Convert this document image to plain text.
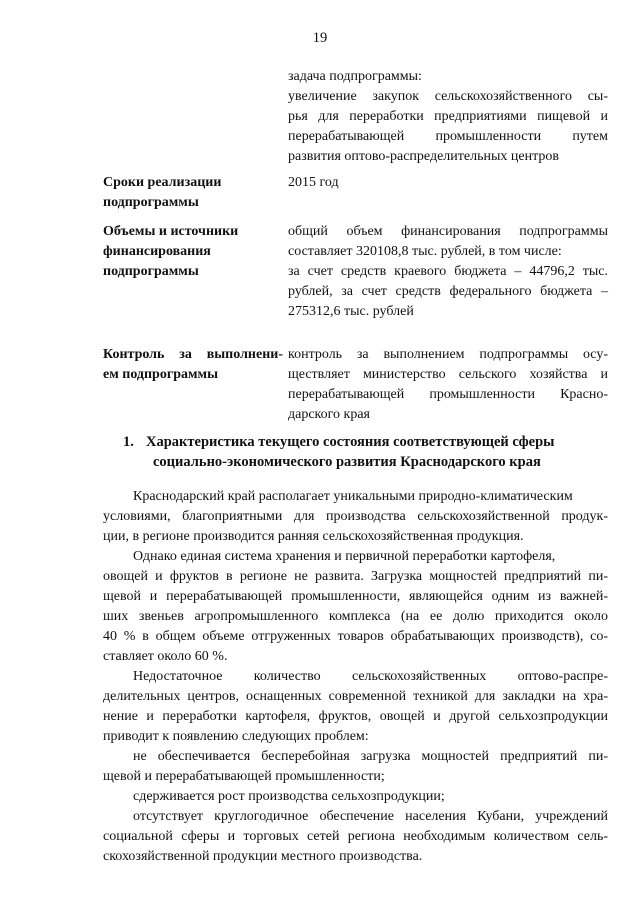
19
задача подпрограммы:
увеличение закупок сельскохозяйственного сы-
рья для переработки предприятиями пищевой и
перерабатывающей промышленности путем
развития оптово-распределительных центров
Сроки реализации
подпрограммы
2015 год
Объемы и источники
финансирования
подпрограммы
общий объем финансирования подпрограммы
составляет 320108,8 тыс. рублей, в том числе:
за счет средств краевого бюджета – 44796,2 тыс.
рублей, за счет средств федерального бюджета –
275312,6 тыс. рублей
Контроль за выполнени-
ем подпрограммы
контроль за выполнением подпрограммы осу-
ществляет министерство сельского хозяйства и
перерабатывающей промышленности Красно-
дарского края
1. Характеристика текущего состояния соответствующей сферы
социально-экономического развития Краснодарского края
Краснодарский край располагает уникальными природно-климатическим
условиями, благоприятными для производства сельскохозяйственной продук-
ции, в регионе производится ранняя сельскохозяйственная продукция.
Однако единая система хранения и первичной переработки картофеля,
овощей и фруктов в регионе не развита. Загрузка мощностей предприятий пи-
щевой и перерабатывающей промышленности, являющейся одним из важней-
ших звеньев агропромышленного комплекса (на ее долю приходится около
40 % в общем объеме отгруженных товаров обрабатывающих производств), со-
ставляет около 60 %.
Недостаточное количество сельскохозяйственных оптово-распре-
делительных центров, оснащенных современной техникой для закладки на хра-
нение и переработки картофеля, фруктов, овощей и другой сельхозпродукции
приводит к появлению следующих проблем:
не обеспечивается бесперебойная загрузка мощностей предприятий пи-
щевой и перерабатывающей промышленности;
сдерживается рост производства сельхозпродукции;
отсутствует круглогодичное обеспечение населения Кубани, учреждений
социальной сферы и торговых сетей региона необходимым количеством сель-
скохозяйственной продукции местного производства.
